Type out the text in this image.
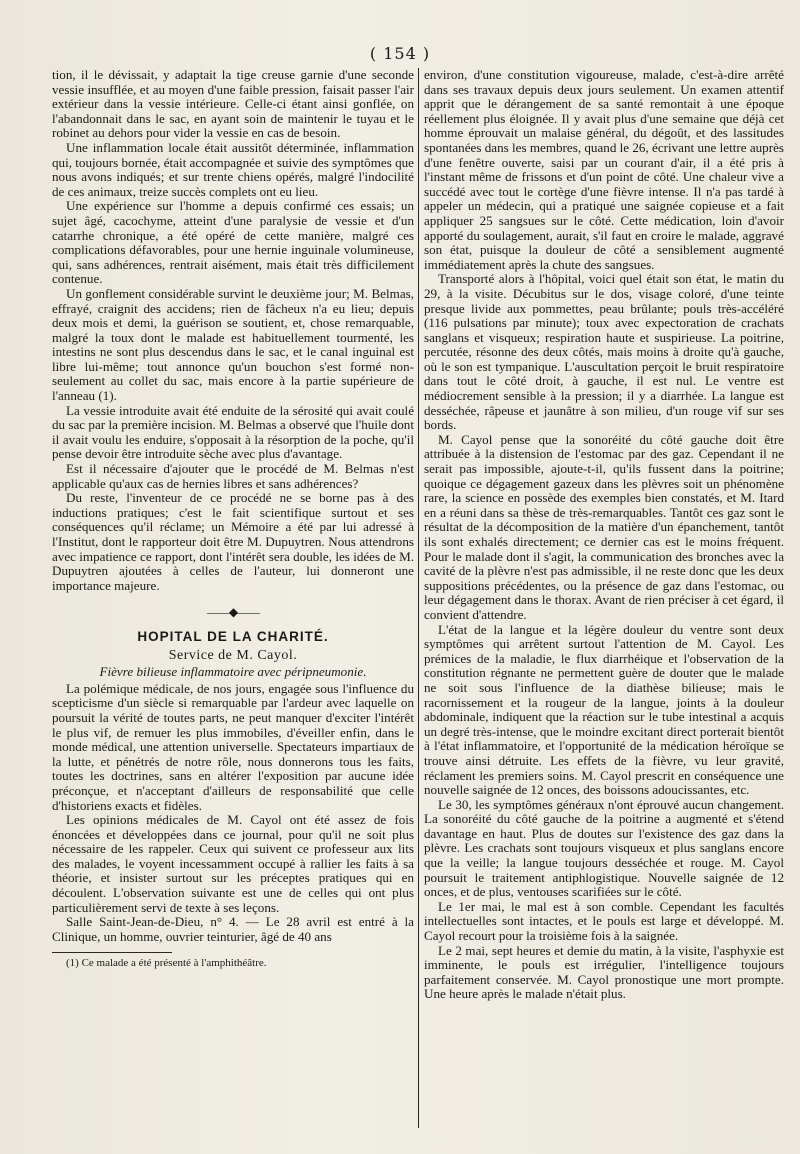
( 154 )

tion, il le dévissait, y adaptait la tige creuse garnie d'une seconde vessie insufflée, et au moyen d'une faible pression, faisait passer l'air extérieur dans la vessie intérieure. Celle-ci étant ainsi gonflée, on l'abandonnait dans le sac, en ayant soin de maintenir le tuyau et le robinet au dehors pour vider la vessie en cas de besoin.

Une inflammation locale était aussitôt déterminée, inflammation qui, toujours bornée, était accompagnée et suivie des symptômes que nous avons indiqués; et sur trente chiens opérés, malgré l'indocilité de ces animaux, treize succès complets ont eu lieu.

Une expérience sur l'homme a depuis confirmé ces essais; un sujet âgé, cacochyme, atteint d'une paralysie de vessie et d'un catarrhe chronique, a été opéré de cette manière, malgré ces complications défavorables, pour une hernie inguinale volumineuse, qui, sans adhérences, rentrait aisément, mais était très difficilement contenue.

Un gonflement considérable survint le deuxième jour; M. Belmas, effrayé, craignit des accidens; rien de fâcheux n'a eu lieu; depuis deux mois et demi, la guérison se soutient, et, chose remarquable, malgré la toux dont le malade est habituellement tourmenté, les intestins ne sont plus descendus dans le sac, et le canal inguinal est libre lui-même; tout annonce qu'un bouchon s'est formé non-seulement au collet du sac, mais encore à la partie supérieure de l'anneau (1).

La vessie introduite avait été enduite de la sérosité qui avait coulé du sac par la première incision. M. Belmas a observé que l'huile dont il avait voulu les enduire, s'opposait à la résorption de la poche, qu'il pense devoir être introduite sèche avec plus d'avantage.

Est il nécessaire d'ajouter que le procédé de M. Belmas n'est applicable qu'aux cas de hernies libres et sans adhérences?

Du reste, l'inventeur de ce procédé ne se borne pas à des inductions pratiques; c'est le fait scientifique surtout et ses conséquences qu'il réclame; un Mémoire a été par lui adressé à l'Institut, dont le rapporteur doit être M. Dupuytren. Nous attendrons avec impatience ce rapport, dont l'intérêt sera double, les idées de M. Dupuytren ajoutées à celles de l'auteur, lui donneront une importance majeure.

——◆——
HOPITAL DE LA CHARITÉ.
Service de M. Cayol.
Fièvre bilieuse inflammatoire avec péripneumonie.

La polémique médicale, de nos jours, engagée sous l'influence du scepticisme d'un siècle si remarquable par l'ardeur avec laquelle on poursuit la vérité de toutes parts, ne peut manquer d'exciter l'intérêt le plus vif, de remuer les plus immobiles, d'éveiller enfin, dans le monde médical, une attention universelle. Spectateurs impartiaux de la lutte, et pénétrés de notre rôle, nous donnerons tous les faits, toutes les doctrines, sans en altérer l'exposition par aucune idée préconçue, et n'acceptant d'ailleurs de responsabilité que celle d'historiens exacts et fidèles.

Les opinions médicales de M. Cayol ont été assez de fois énoncées et développées dans ce journal, pour qu'il ne soit plus nécessaire de les rappeler. Ceux qui suivent ce professeur aux lits des malades, le voyent incessamment occupé à rallier les faits à sa théorie, et insister surtout sur les préceptes pratiques qui en découlent. L'observation suivante est une de celles qui ont plus particulièrement servi de texte à ses leçons.

Salle Saint-Jean-de-Dieu, n° 4. — Le 28 avril est entré à la Clinique, un homme, ouvrier teinturier, âgé de 40 ans

(1) Ce malade a été présenté à l'amphithéâtre.

environ, d'une constitution vigoureuse, malade, c'est-à-dire arrêté dans ses travaux depuis deux jours seulement. Un examen attentif apprit que le dérangement de sa santé remontait à une époque réellement plus éloignée. Il y avait plus d'une semaine que déjà cet homme éprouvait un malaise général, du dégoût, et des lassitudes spontanées dans les membres, quand le 26, écrivant une lettre auprès d'une fenêtre ouverte, saisi par un courant d'air, il a été pris à l'instant même de frissons et d'un point de côté. Une chaleur vive a succédé avec tout le cortège d'une fièvre intense. Il n'a pas tardé à appeler un médecin, qui a pratiqué une saignée copieuse et a fait appliquer 25 sangsues sur le côté. Cette médication, loin d'avoir apporté du soulagement, aurait, s'il faut en croire le malade, aggravé son état, puisque la douleur de côté a sensiblement augmenté immédiatement après la chute des sangsues.

Transporté alors à l'hôpital, voici quel était son état, le matin du 29, à la visite. Décubitus sur le dos, visage coloré, d'une teinte presque livide aux pommettes, peau brûlante; pouls très-accéléré (116 pulsations par minute); toux avec expectoration de crachats sanglans et visqueux; respiration haute et suspirieuse. La poitrine, percutée, résonne des deux côtés, mais moins à droite qu'à gauche, où le son est tympanique. L'auscultation perçoit le bruit respiratoire dans tout le côté droit, à gauche, il est nul. Le ventre est médiocrement sensible à la pression; il y a diarrhée. La langue est desséchée, râpeuse et jaunâtre à son milieu, d'un rouge vif sur ses bords.

M. Cayol pense que la sonoréité du côté gauche doit être attribuée à la distension de l'estomac par des gaz. Cependant il ne serait pas impossible, ajoute-t-il, qu'ils fussent dans la poitrine; quoique ce dégagement gazeux dans les plèvres soit un phénomène rare, la science en possède des exemples bien constatés, et M. Itard en a réuni dans sa thèse de très-remarquables. Tantôt ces gaz sont le résultat de la décomposition de la matière d'un épanchement, tantôt ils sont exhalés directement; ce dernier cas est le moins fréquent. Pour le malade dont il s'agit, la communication des bronches avec la cavité de la plèvre n'est pas admissible, il ne reste donc que les deux suppositions précédentes, ou la présence de gaz dans l'estomac, ou leur dégagement dans le thorax. Avant de rien préciser à cet égard, il convient d'attendre.

L'état de la langue et la légère douleur du ventre sont deux symptômes qui arrêtent surtout l'attention de M. Cayol. Les prémices de la maladie, le flux diarrhéique et l'observation de la constitution régnante ne permettent guère de douter que le malade ne soit sous l'influence de la diathèse bilieuse; mais le racornissement et la rougeur de la langue, joints à la douleur abdominale, indiquent que la réaction sur le tube intestinal a acquis un degré très-intense, que le moindre excitant direct porterait bientôt à l'état inflammatoire, et l'opportunité de la médication héroïque se trouve ainsi détruite. Les effets de la fièvre, vu leur gravité, réclament les premiers soins. M. Cayol prescrit en conséquence une nouvelle saignée de 12 onces, des boissons adoucissantes, etc.

Le 30, les symptômes généraux n'ont éprouvé aucun changement. La sonoréité du côté gauche de la poitrine a augmenté et s'étend davantage en haut. Plus de doutes sur l'existence des gaz dans la plèvre. Les crachats sont toujours visqueux et plus sanglans encore que la veille; la langue toujours desséchée et rouge. M. Cayol poursuit le traitement antiphlogistique. Nouvelle saignée de 12 onces, et de plus, ventouses scarifiées sur le côté.

Le 1er mai, le mal est à son comble. Cependant les facultés intellectuelles sont intactes, et le pouls est large et développé. M. Cayol recourt pour la troisième fois à la saignée.

Le 2 mai, sept heures et demie du matin, à la visite, l'asphyxie est imminente, le pouls est irrégulier, l'intelligence toujours parfaitement conservée. M. Cayol pronostique une mort prompte. Une heure après le malade n'était plus.
